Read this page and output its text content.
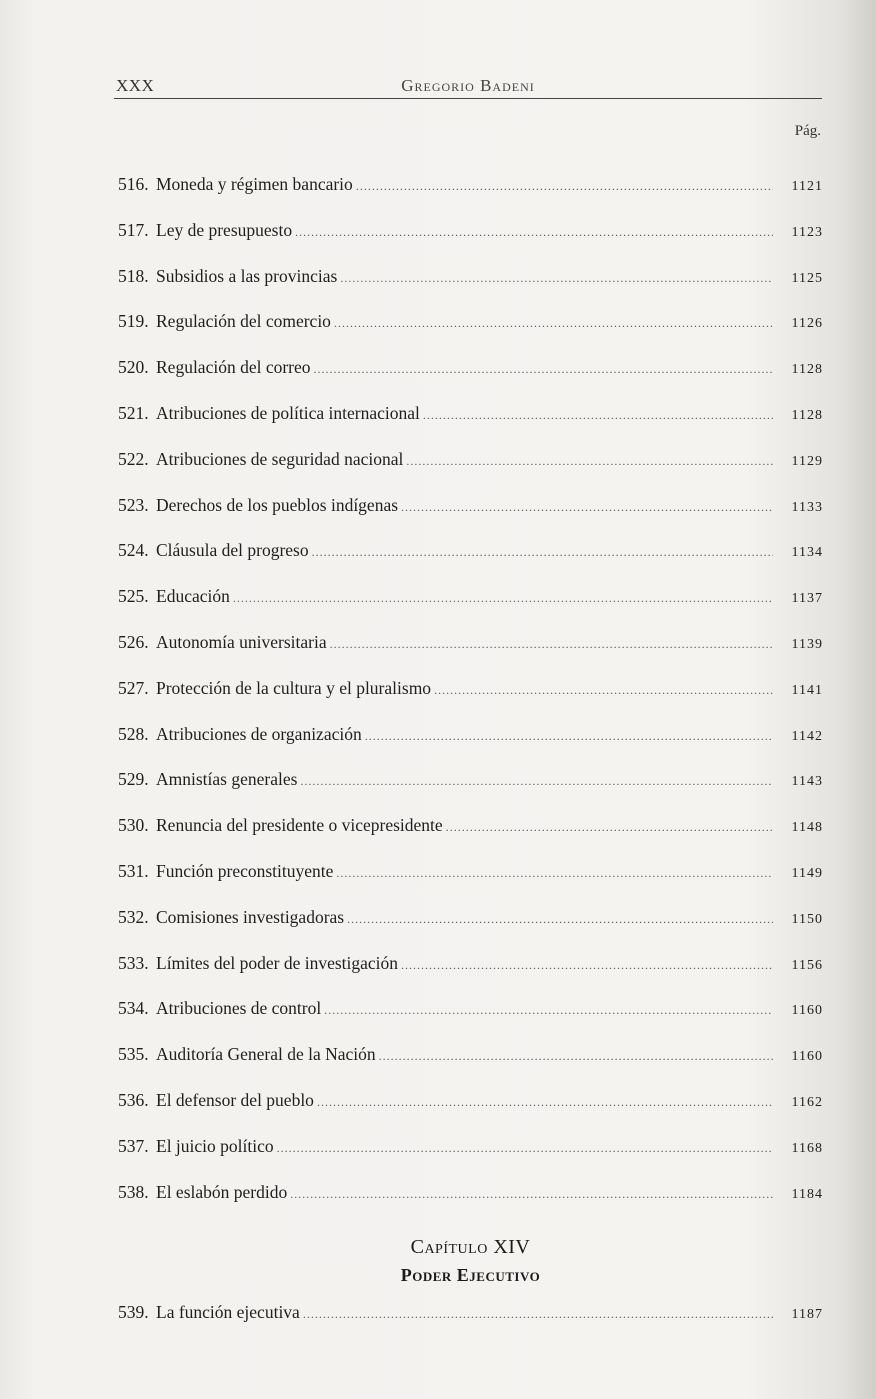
XXX	Gregorio Badeni
Pág.
516. Moneda y régimen bancario .....	1121
517. Ley de presupuesto .....	1123
518. Subsidios a las provincias .....	1125
519. Regulación del comercio .....	1126
520. Regulación del correo .....	1128
521. Atribuciones de política internacional .....	1128
522. Atribuciones de seguridad nacional .....	1129
523. Derechos de los pueblos indígenas .....	1133
524. Cláusula del progreso .....	1134
525. Educación .....	1137
526. Autonomía universitaria .....	1139
527. Protección de la cultura y el pluralismo .....	1141
528. Atribuciones de organización .....	1142
529. Amnistías generales .....	1143
530. Renuncia del presidente o vicepresidente .....	1148
531. Función preconstituyente .....	1149
532. Comisiones investigadoras .....	1150
533. Límites del poder de investigación .....	1156
534. Atribuciones de control .....	1160
535. Auditoría General de la Nación .....	1160
536. El defensor del pueblo .....	1162
537. El juicio político .....	1168
538. El eslabón perdido .....	1184
Capítulo XIV
Poder Ejecutivo
539. La función ejecutiva .....	1187
